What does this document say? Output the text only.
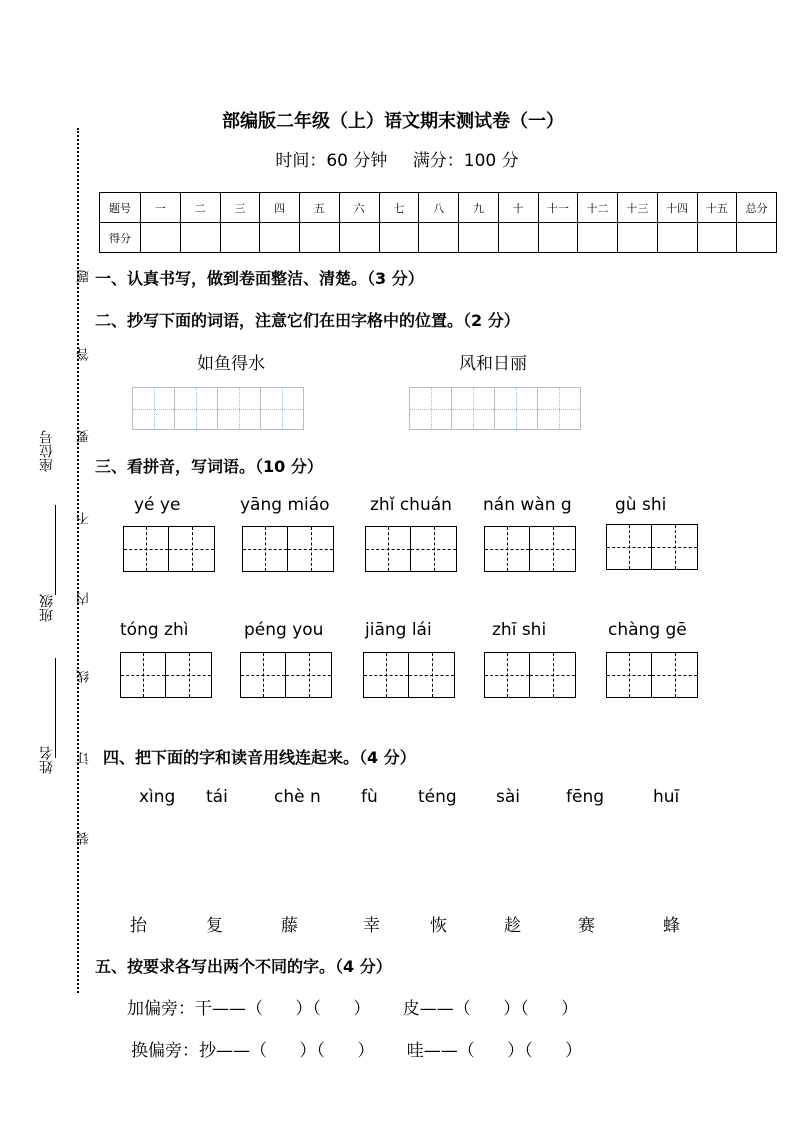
部编版二年级（上）语文期末测试卷（一）
时间：60 分钟 满分：100 分
题号	一	二	三	四	五	六	七	八	九	十	十一	十二	十三	十四	十五	总分
得分																
题
答
要
不
内
线
订
装
座位号
班级
姓名
一、认真书写，做到卷面整洁、清楚。（3 分）
二、抄写下面的词语，注意它们在田字格中的位置。（2 分）
如鱼得水	风和日丽
三、看拼音，写词语。（10 分）
yé ye	yāng miáo zhǐ chuán nán wàn g	gù shi
tóng zhì	péng you jiāng lái	zhī shi	chàng gē
四、把下面的字和读音用线连起来。（4 分）
xìng tái	chè n fù téng sài	fēng	huī
抬	复	藤	幸	恢	趁	赛	蜂
五、按要求各写出两个不同的字。（4 分）
加偏旁：干——（      ）（      ）      皮——（      ）（      ）
换偏旁：抄——（      ）（      ）      哇——（      ）（      ）
